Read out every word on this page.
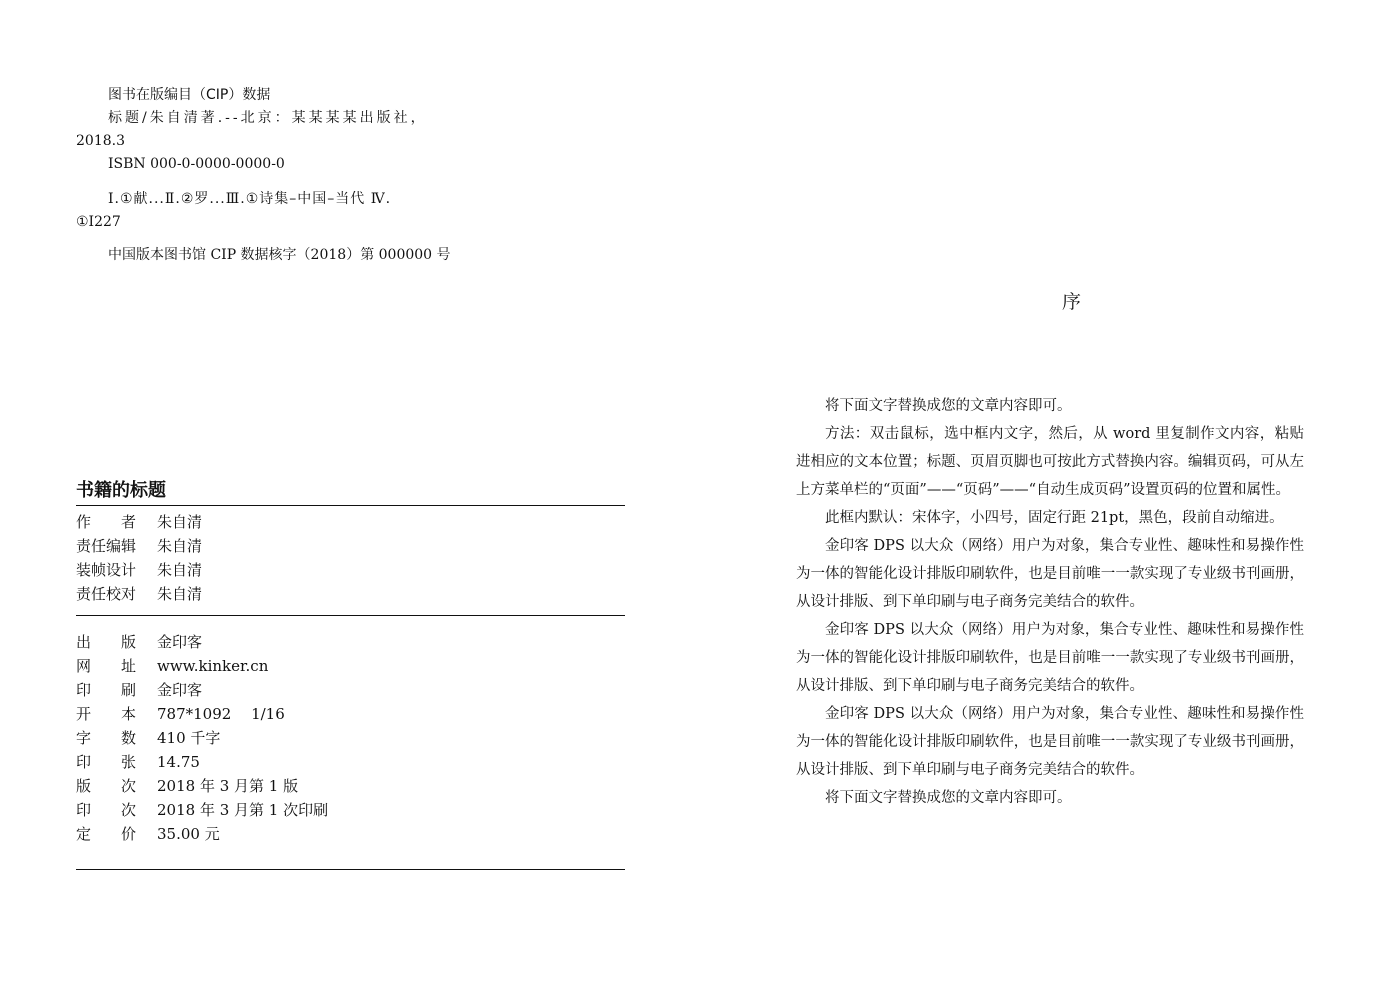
图书在版编目（CIP）数据
标题/朱自清著.--北京：某某某某出版社，
2018.3
ISBN 000-0-0000-0000-0
Ⅰ.①献...Ⅱ.②罗...Ⅲ.①诗集–中国–当代 Ⅳ.
①I227
中国版本图书馆 CIP 数据核字（2018）第 000000 号
书籍的标题
作　　者	朱自清
责任编辑	朱自清
装帧设计	朱自清
责任校对	朱自清
出　　版	金印客
网　　址	www.kinker.cn
印　　刷	金印客
开　　本	787*1092　 1/16
字　　数	410 千字
印　　张	14.75
版　　次	2018 年 3 月第 1 版
印　　次	2018 年 3 月第 1 次印刷
定　　价	35.00 元
序

将下面文字替换成您的文章内容即可。

方法：双击鼠标，选中框内文字，然后，从 word 里复制作文内容，粘贴进相应的文本位置；标题、页眉页脚也可按此方式替换内容。编辑页码，可从左上方菜单栏的“页面”——“页码”——“自动生成页码”设置页码的位置和属性。

此框内默认：宋体字，小四号，固定行距 21pt，黑色，段前自动缩进。

金印客 DPS 以大众（网络）用户为对象，集合专业性、趣味性和易操作性为一体的智能化设计排版印刷软件，也是目前唯一一款实现了专业级书刊画册，从设计排版、到下单印刷与电子商务完美结合的软件。

金印客 DPS 以大众（网络）用户为对象，集合专业性、趣味性和易操作性为一体的智能化设计排版印刷软件，也是目前唯一一款实现了专业级书刊画册，从设计排版、到下单印刷与电子商务完美结合的软件。

金印客 DPS 以大众（网络）用户为对象，集合专业性、趣味性和易操作性为一体的智能化设计排版印刷软件，也是目前唯一一款实现了专业级书刊画册，从设计排版、到下单印刷与电子商务完美结合的软件。

将下面文字替换成您的文章内容即可。
